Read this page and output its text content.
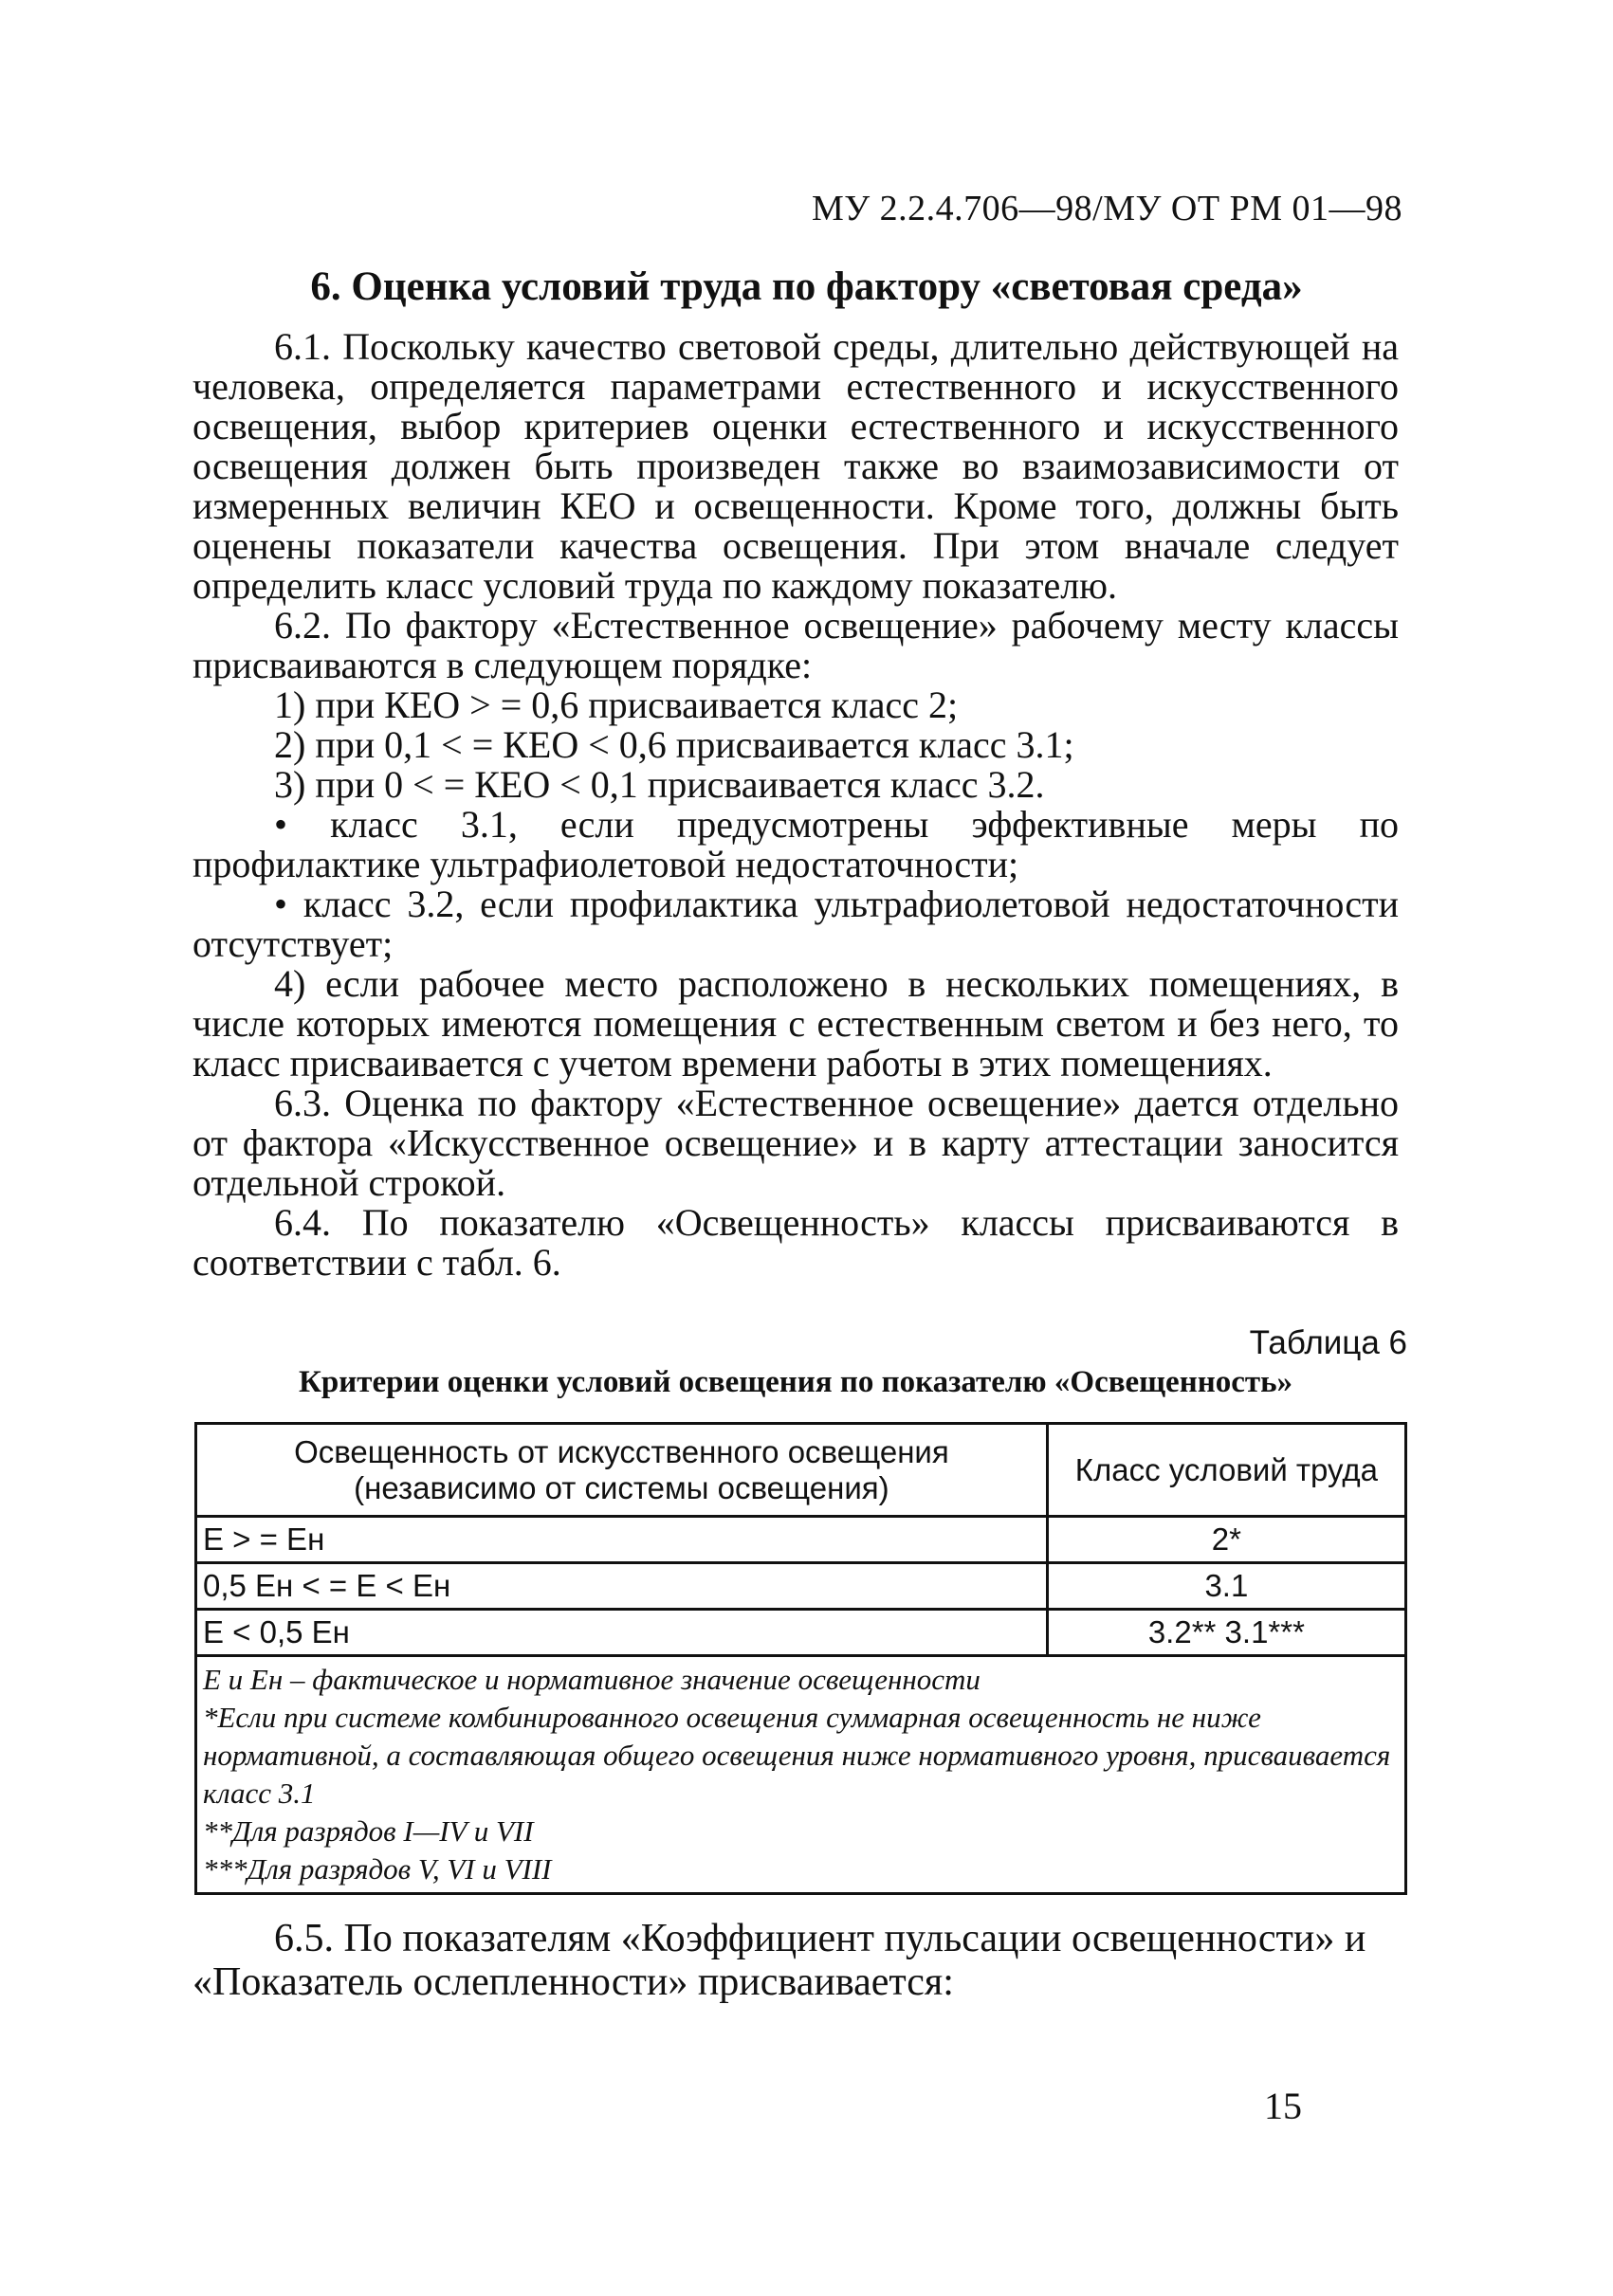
МУ 2.2.4.706—98/МУ ОТ РМ 01—98
6. Оценка условий труда по фактору «световая среда»

6.1. Поскольку качество световой среды, длительно действующей на человека, определяется параметрами естественного и искусственного освещения, выбор критериев оценки естественного и искусственного освещения должен быть произведен также во взаимозависимости от измеренных величин КЕО и освещенности. Кроме того, должны быть оценены показатели качества освещения. При этом вначале следует определить класс условий труда по каждому показателю.

6.2. По фактору «Естественное освещение» рабочему месту классы присваиваются в следующем порядке:

1) при КЕО > = 0,6 присваивается класс 2;

2) при 0,1 < = КЕО < 0,6 присваивается класс 3.1;

3) при 0 < = КЕО < 0,1 присваивается класс 3.2.

• класс 3.1, если предусмотрены эффективные меры по профилактике ультрафиолетовой недостаточности;

• класс 3.2, если профилактика ультрафиолетовой недостаточности отсутствует;

4) если рабочее место расположено в нескольких помещениях, в числе которых имеются помещения с естественным светом и без него, то класс присваивается с учетом времени работы в этих помещениях.

6.3. Оценка по фактору «Естественное освещение» дается отдельно от фактора «Искусственное освещение» и в карту аттестации заносится отдельной строкой.

6.4. По показателю «Освещенность» классы присваиваются в соответствии с табл. 6.

Таблица 6
Критерии оценки условий освещения по показателю «Освещенность»
Освещенность от искусственного освещения (независимо от системы освещения)	Класс условий труда
E > = Eн	2*
0,5 Eн < = E < Eн	3.1
E < 0,5 Eн	3.2** 3.1***

E и Eн – фактическое и нормативное значение освещенности
*Если при системе комбинированного освещения суммарная освещенность не ниже нормативной, а составляющая общего освещения ниже нормативного уровня, присваивается класс 3.1
**Для разрядов I—IV и VII
***Для разрядов V, VI и VIII	

6.5. По показателям «Коэффициент пульсации освещенности» и «Показатель ослепленности» присваивается:

15
